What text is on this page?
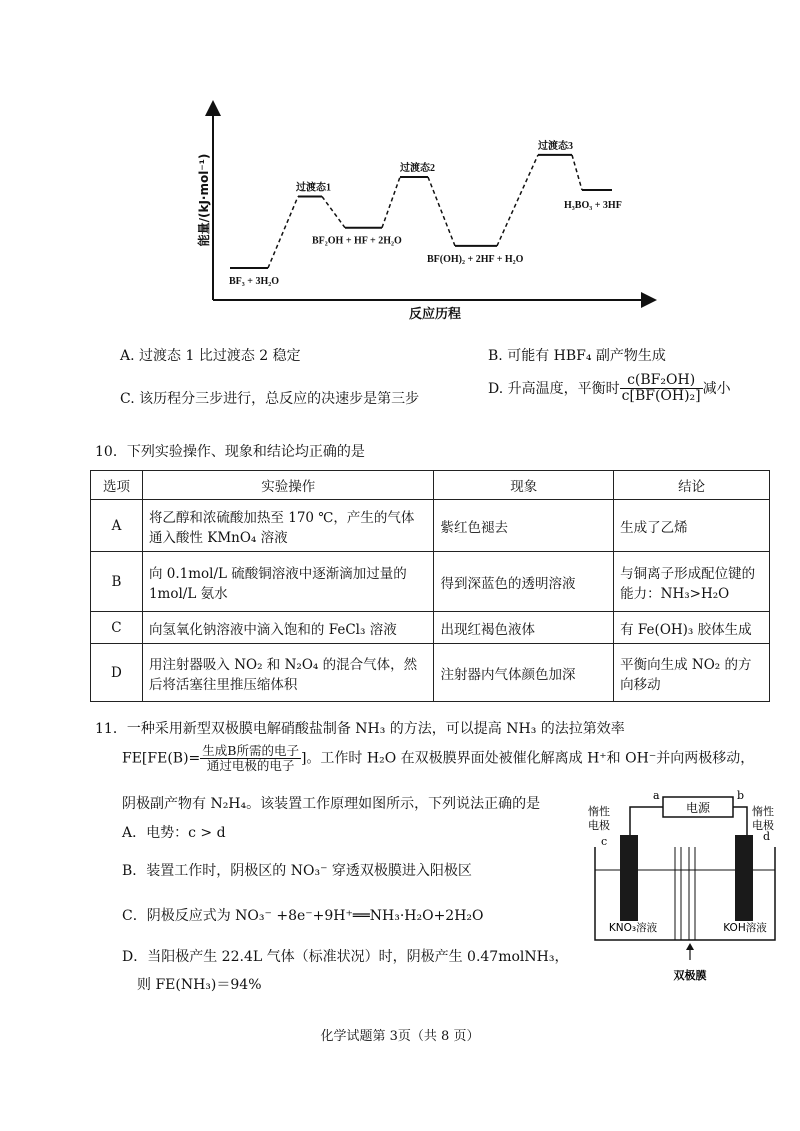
能量/(kJ·mol⁻¹)
反应历程
BF₃ + 3H₂O
过渡态1
BF₂OH + HF + 2H₂O
过渡态2
BF(OH)₂ + 2HF + H₂O
过渡态3
H₃BO₃ + 3HF
A. 过渡态 1 比过渡态 2 稳定	B. 可能有 HBF₄ 副产物生成
C. 该历程分三步进行，总反应的决速步是第三步
D. 升高温度，平衡时 $\frac{\text{c(BF₂OH)}}{\text{c[BF(OH)₂]}}$ 减小
10．下列实验操作、现象和结论均正确的是
选项	实验操作	现象	结论
A	将乙醇和浓硫酸加热至 170 ℃，产生的气体通入酸性 KMnO₄ 溶液	紫红色褪去	生成了乙烯
B	向 0.1mol/L 硫酸铜溶液中逐渐滴加过量的 1mol/L 氨水	得到深蓝色的透明溶液	与铜离子形成配位键的能力：NH₃>H₂O
C	向氢氧化钠溶液中滴入饱和的 FeCl₃ 溶液	出现红褐色液体	有 Fe(OH)₃ 胶体生成
D	用注射器吸入 NO₂ 和 N₂O₄ 的混合气体，然后将活塞往里推压缩体积	注射器内气体颜色加深	平衡向生成 NO₂ 的方向移动
11．一种采用新型双极膜电解硝酸盐制备 NH₃ 的方法，可以提高 NH₃ 的法拉第效率
$FE[FE(B)= \frac{\text{生成B所需的电子}}{\text{通过电极的电子}}$ ]。工作时 H₂O 在双极膜界面处被催化解离成 H⁺和 OH⁻并向两极移动，
阴极副产物有 N₂H₄。该装置工作原理如图所示，下列说法正确的是
A．电势：c > d
B．装置工作时，阴极区的 NO₃⁻ 穿透双极膜进入阳极区
C．阴极反应式为 NO₃⁻ +8e⁻+9H⁺══NH₃·H₂O+2H₂O
D．当阳极产生 22.4L 气体（标准状况）时，阴极产生 0.47molNH₃，
则 FE(NH₃)＝94%
电源
a	b
惰性
电极
惰性
电极
c	d
KNO₃溶液	KOH溶液
双极膜
化学试题第 3页（共 8 页）
